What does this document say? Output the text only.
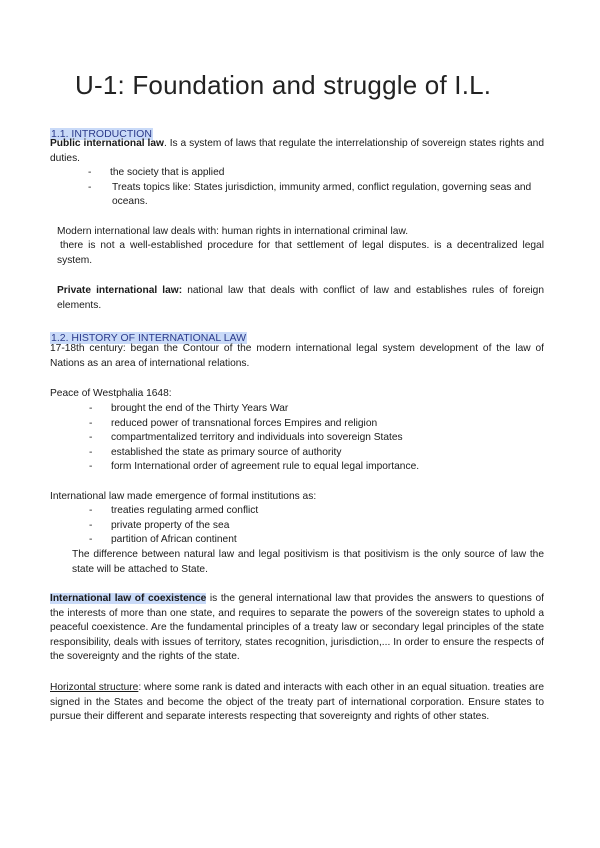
U-1: Foundation and struggle of I.L.
1.1. INTRODUCTION
Public international law. Is a system of laws that regulate the interrelationship of sovereign states rights and duties.
- the society that is applied
- Treats topics like: States jurisdiction, immunity armed, conflict regulation, governing seas and oceans.
Modern international law deals with: human rights in international criminal law.
there is not a well-established procedure for that settlement of legal disputes. is a decentralized legal system.
Private international law: national law that deals with conflict of law and establishes rules of foreign elements.
1.2. HISTORY OF INTERNATIONAL LAW
17-18th century: began the Contour of the modern international legal system development of the law of Nations as an area of international relations.
Peace of Westphalia 1648:
- brought the end of the Thirty Years War
- reduced power of transnational forces Empires and religion
- compartmentalized territory and individuals into sovereign States
- established the state as primary source of authority
- form International order of agreement rule to equal legal importance.
International law made emergence of formal institutions as:
- treaties regulating armed conflict
- private property of the sea
- partition of African continent
The difference between natural law and legal positivism is that positivism is the only source of law the state will be attached to State.
International law of coexistence is the general international law that provides the answers to questions of the interests of more than one state, and requires to separate the powers of the sovereign states to uphold a peaceful coexistence. Are the fundamental principles of a treaty law or secondary legal principles of the state responsibility, deals with issues of territory, states recognition, jurisdiction,... In order to ensure the respects of the sovereignty and the rights of the state.
Horizontal structure: where some rank is dated and interacts with each other in an equal situation. treaties are signed in the States and become the object of the treaty part of international corporation. Ensure states to pursue their different and separate interests respecting that sovereignty and rights of other states.
